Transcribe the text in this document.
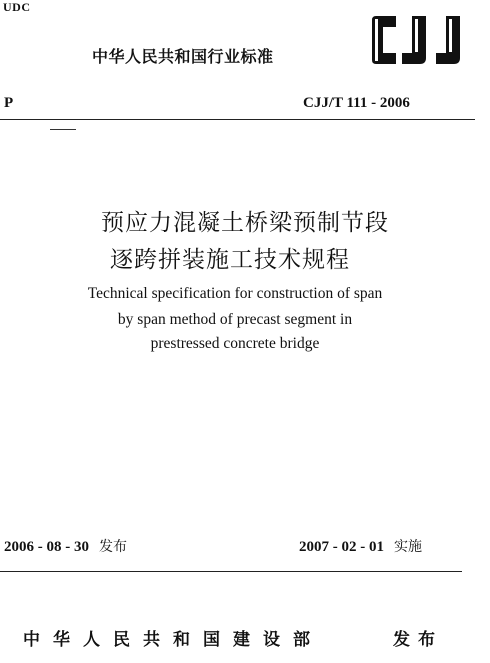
UDC
中华人民共和国行业标准
P	CJJ/T 111 - 2006
预应力混凝土桥梁预制节段
逐跨拼装施工技术规程
Technical specification for construction of span
by span method of precast segment in
prestressed concrete bridge
2006 - 08 - 30 发布	2007 - 02 - 01 实施
中华人民共和国建设部	发布
